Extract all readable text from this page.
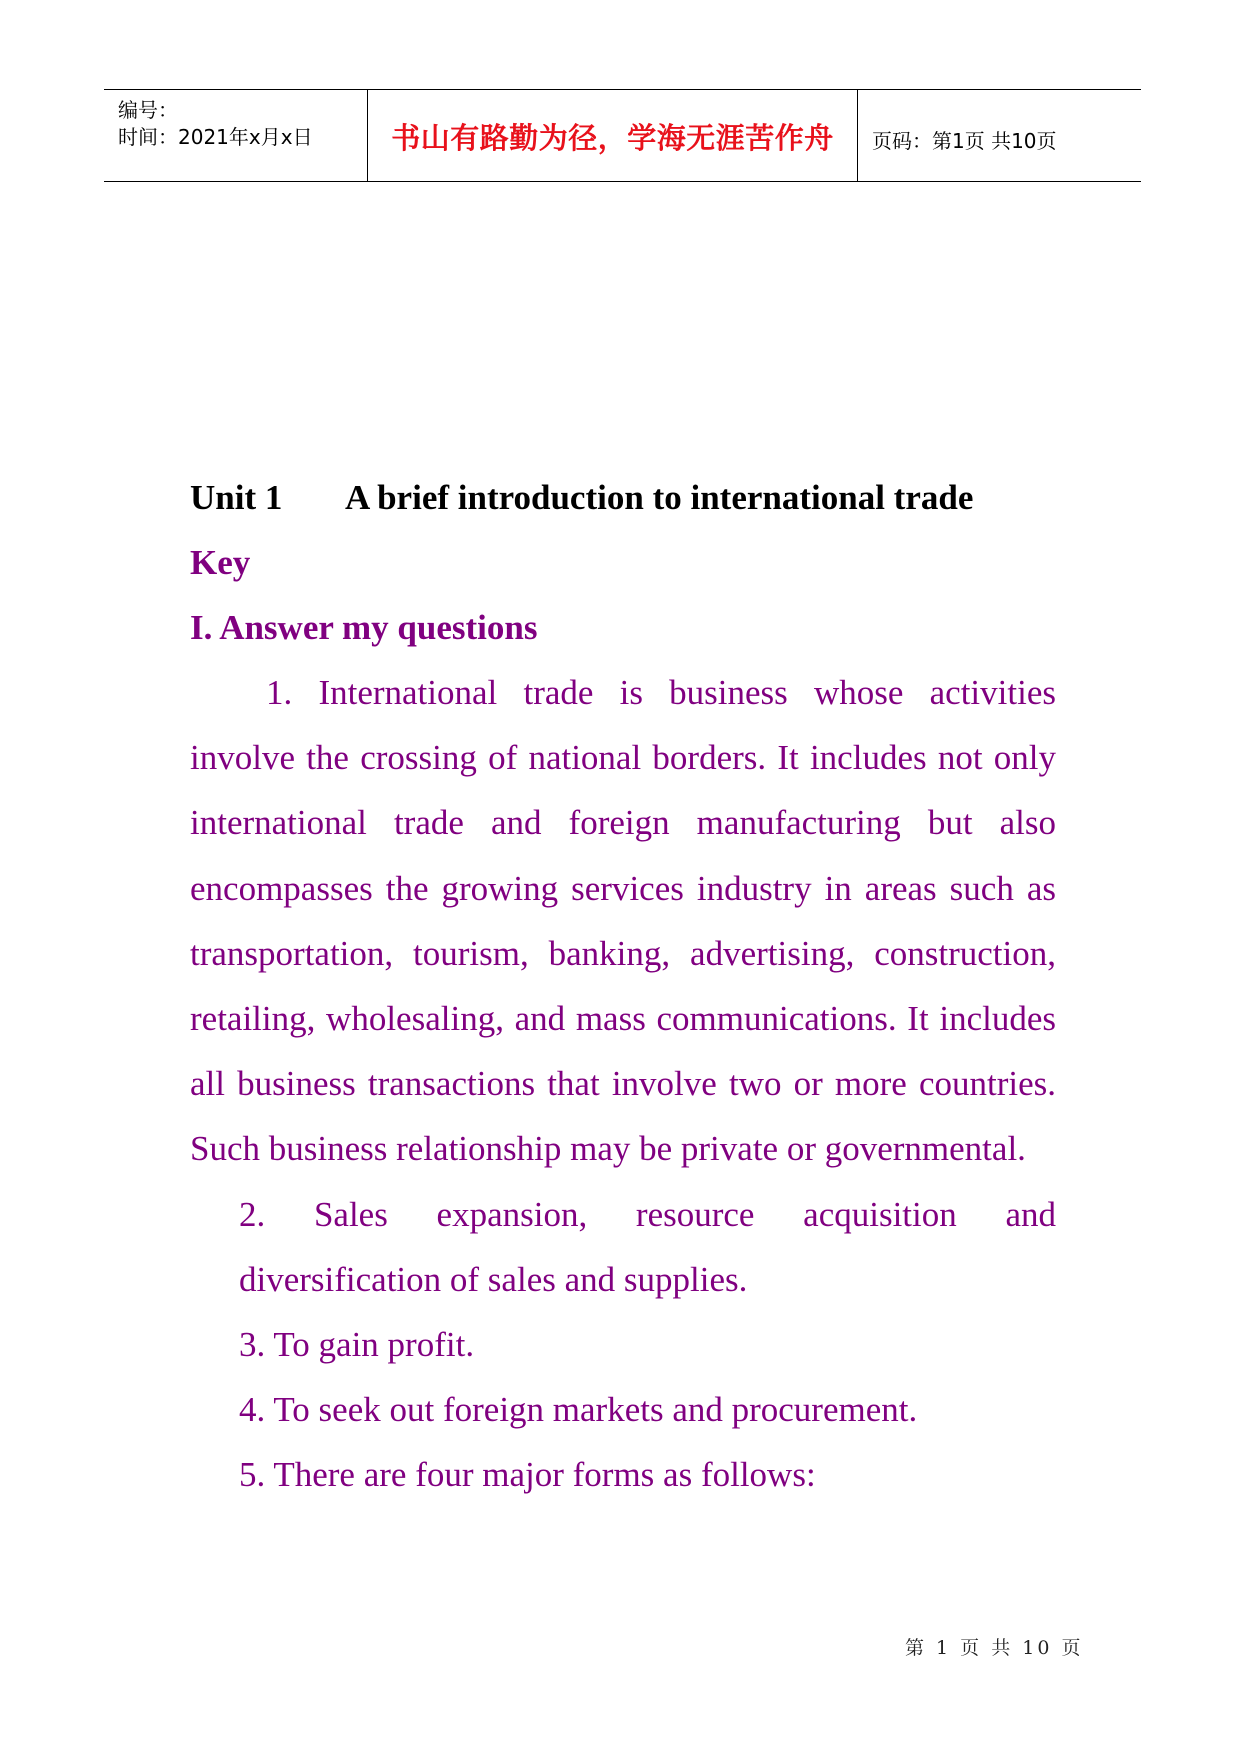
编号：
时间：2021年x月x日	书山有路勤为径，学海无涯苦作舟	页码：第1页 共10页
Unit 1 A brief introduction to international trade
Key
I. Answer my questions

1. International trade is business whose activities involve the crossing of national borders. It includes not only international trade and foreign manufacturing but also encompasses the growing services industry in areas such as transportation, tourism, banking, advertising, construction, retailing, wholesaling, and mass communications. It includes all business transactions that involve two or more countries. Such business relationship may be private or governmental.

2. Sales expansion, resource acquisition and diversification of sales and supplies.

3. To gain profit.

4. To seek out foreign markets and procurement.

5. There are four major forms as follows:

第 1 页 共 10 页
